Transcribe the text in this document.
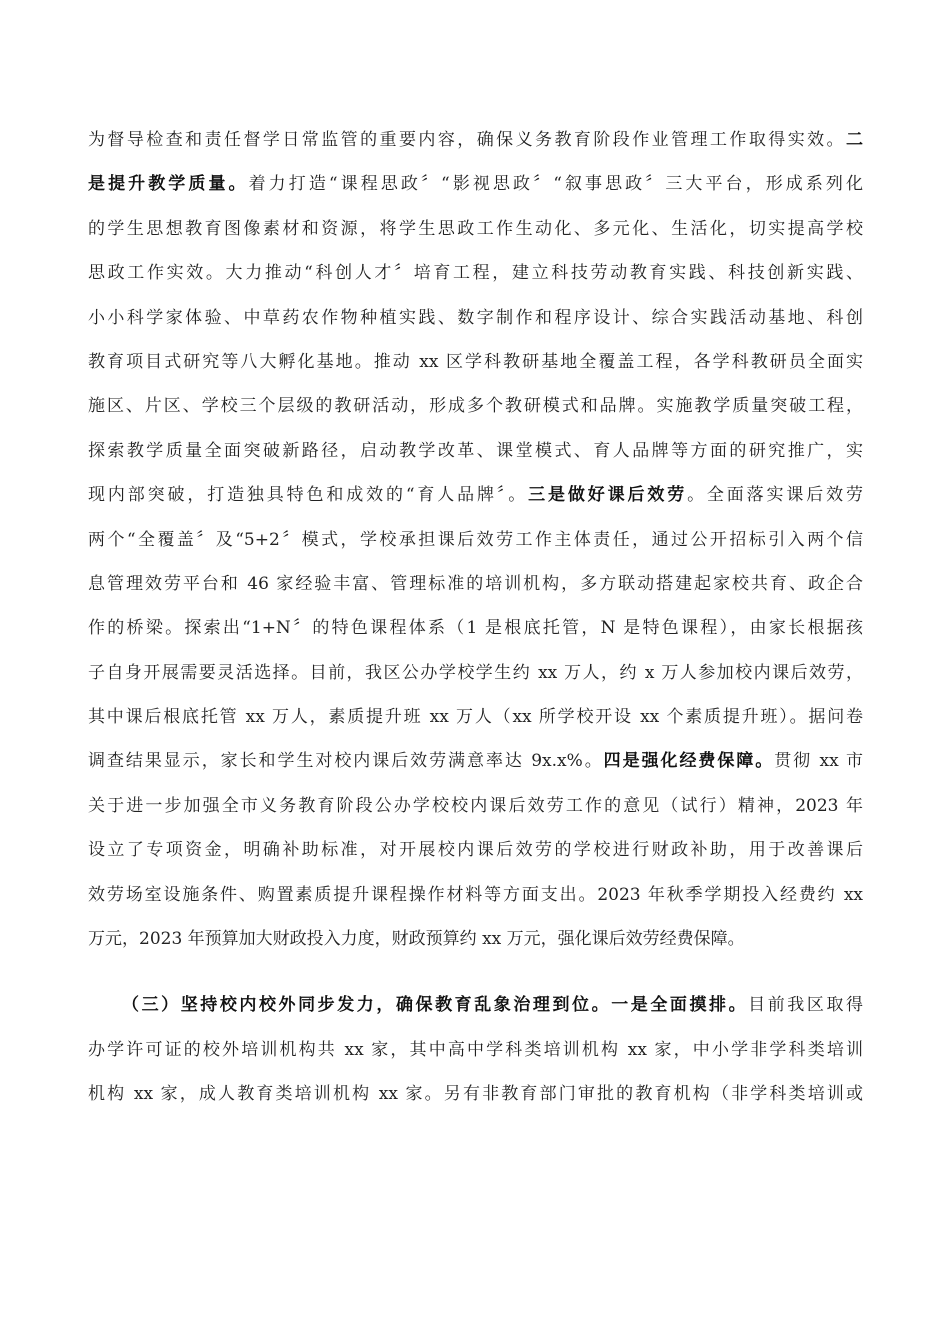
为督导检查和责任督学日常监管的重要内容，确保义务教育阶段作业管理工作取得实效。二
是提升教学质量。着力打造“课程思政〞“影视思政〞“叙事思政〞三大平台，形成系列化
的学生思想教育图像素材和资源，将学生思政工作生动化、多元化、生活化，切实提高学校
思政工作实效。大力推动“科创人才〞培育工程，建立科技劳动教育实践、科技创新实践、
小小科学家体验、中草药农作物种植实践、数字制作和程序设计、综合实践活动基地、科创
教育项目式研究等八大孵化基地。推动 xx 区学科教研基地全覆盖工程，各学科教研员全面实
施区、片区、学校三个层级的教研活动，形成多个教研模式和品牌。实施教学质量突破工程，
探索教学质量全面突破新路径，启动教学改革、课堂模式、育人品牌等方面的研究推广，实
现内部突破，打造独具特色和成效的“育人品牌〞。三是做好课后效劳。全面落实课后效劳
两个“全覆盖〞及“5+2〞模式，学校承担课后效劳工作主体责任，通过公开招标引入两个信
息管理效劳平台和 46 家经验丰富、管理标准的培训机构，多方联动搭建起家校共育、政企合
作的桥梁。探索出“1+N〞的特色课程体系（1 是根底托管，N 是特色课程），由家长根据孩
子自身开展需要灵活选择。目前，我区公办学校学生约 xx 万人，约 x 万人参加校内课后效劳，
其中课后根底托管 xx 万人，素质提升班 xx 万人（xx 所学校开设 xx 个素质提升班）。据问卷
调查结果显示，家长和学生对校内课后效劳满意率达 9x.x%。四是强化经费保障。贯彻 xx 市
关于进一步加强全市义务教育阶段公办学校校内课后效劳工作的意见（试行）精神，2023 年
设立了专项资金，明确补助标准，对开展校内课后效劳的学校进行财政补助，用于改善课后
效劳场室设施条件、购置素质提升课程操作材料等方面支出。2023 年秋季学期投入经费约 xx
万元，2023 年预算加大财政投入力度，财政预算约 xx 万元，强化课后效劳经费保障。
（三）坚持校内校外同步发力，确保教育乱象治理到位。一是全面摸排。目前我区取得
办学许可证的校外培训机构共 xx 家，其中高中学科类培训机构 xx 家，中小学非学科类培训
机构 xx 家，成人教育类培训机构 xx 家。另有非教育部门审批的教育机构（非学科类培训或
